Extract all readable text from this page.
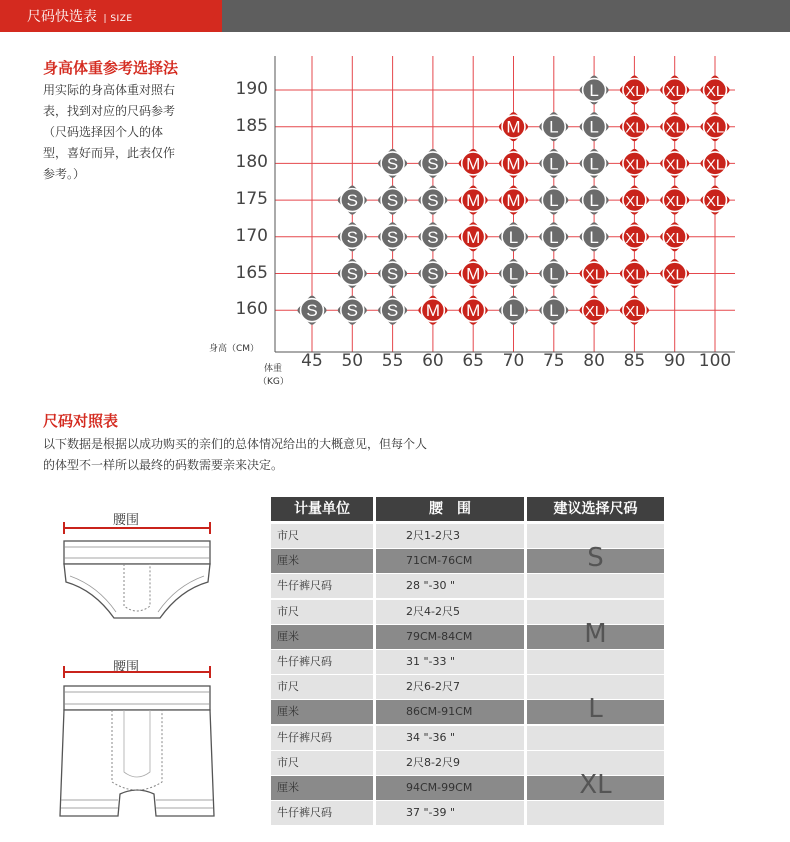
尺码快选表 | SIZE
身高体重参考选择法
用实际的身高体重对照右
表，找到对应的尺码参考
（尺码选择因个人的体
型，喜好而异，此表仅作
参考。）
L XL XL XL
M L L XL XL XL
S S M M L L XL XL XL
S S S M M L L XL XL XL
S S S M L L L XL XL
S S S M L L XL XL XL
S S S M M L L XL XL
190
185
180
175
170
165
160
45	50	55	60	65	70	75	80	85	90 100
身高（CM）
体重
（KG）
尺码对照表
以下数据是根据以成功购买的亲们的总体情况给出的大概意见，但每个人
的体型不一样所以最终的码数需要亲来决定。
腰围
腰围
计量单位	腰　围	建议选择尺码
市尺	2尺1-2尺3
厘米	71CM-76CM
牛仔裤尺码	28 "-30 "
S
市尺	2尺4-2尺5
厘米	79CM-84CM
牛仔裤尺码	31 "-33 "
M
市尺	2尺6-2尺7
厘米	86CM-91CM
牛仔裤尺码	34 "-36 "
L
市尺	2尺8-2尺9
厘米	94CM-99CM
牛仔裤尺码	37 "-39 "
XL
